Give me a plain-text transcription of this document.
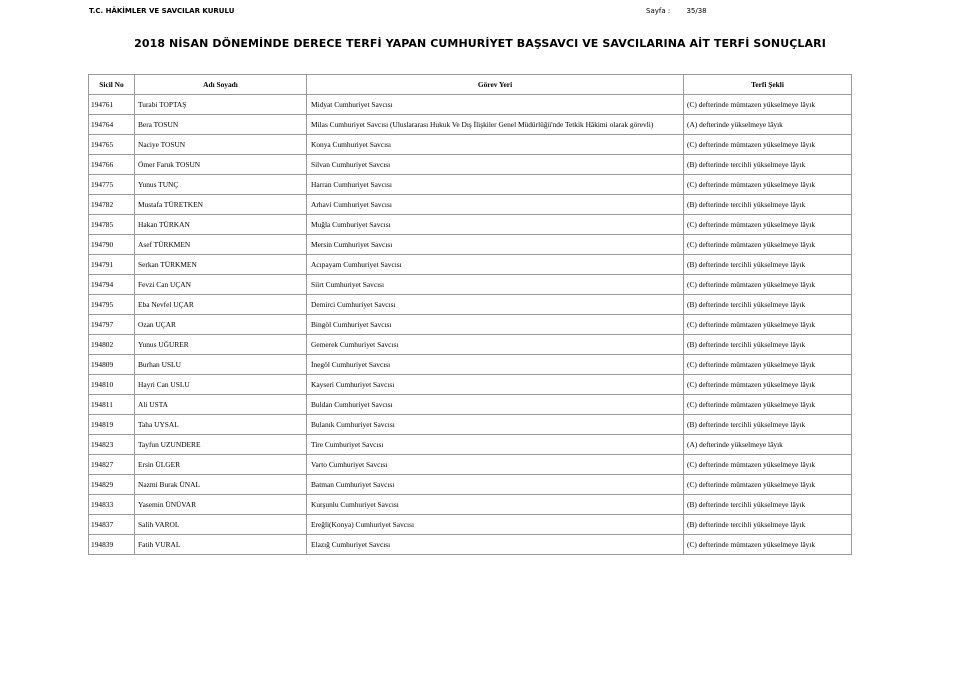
T.C. HÂKİMLER VE SAVCILAR KURULU	Sayfa : 35/38
2018 NİSAN DÖNEMİNDE DERECE TERFİ YAPAN CUMHURİYET BAŞSAVCI VE SAVCILARINA AİT TERFİ SONUÇLARI
Sicil No	Adı Soyadı	Görev Yeri	Terfi Şekli
194761	Turabi TOPTAŞ	Midyat Cumhuriyet Savcısı	(C) defterinde mümtazen yükselmeye lâyık
194764	Bera TOSUN	Milas Cumhuriyet Savcısı (Uluslararası Hukuk Ve Dış İlişkiler Genel Müdürlüğü'nde Tetkik Hâkimi olarak görevli)	(A) defterinde yükselmeye lâyık
194765	Naciye TOSUN	Konya Cumhuriyet Savcısı	(C) defterinde mümtazen yükselmeye lâyık
194766	Ömer Faruk TOSUN	Silvan Cumhuriyet Savcısı	(B) defterinde tercihli yükselmeye lâyık
194775	Yunus TUNÇ	Harran Cumhuriyet Savcısı	(C) defterinde mümtazen yükselmeye lâyık
194782	Mustafa TÜRETKEN	Arhavi Cumhuriyet Savcısı	(B) defterinde tercihli yükselmeye lâyık
194785	Hakan TÜRKAN	Muğla Cumhuriyet Savcısı	(C) defterinde mümtazen yükselmeye lâyık
194790	Asef TÜRKMEN	Mersin Cumhuriyet Savcısı	(C) defterinde mümtazen yükselmeye lâyık
194791	Serkan TÜRKMEN	Acıpayam Cumhuriyet Savcısı	(B) defterinde tercihli yükselmeye lâyık
194794	Fevzi Can UÇAN	Siirt Cumhuriyet Savcısı	(C) defterinde mümtazen yükselmeye lâyık
194795	Eba Nevfel UÇAR	Demirci Cumhuriyet Savcısı	(B) defterinde tercihli yükselmeye lâyık
194797	Ozan UÇAR	Bingöl Cumhuriyet Savcısı	(C) defterinde mümtazen yükselmeye lâyık
194802	Yunus UĞURER	Gemerek Cumhuriyet Savcısı	(B) defterinde tercihli yükselmeye lâyık
194809	Burhan USLU	İnegöl Cumhuriyet Savcısı	(C) defterinde mümtazen yükselmeye lâyık
194810	Hayri Can USLU	Kayseri Cumhuriyet Savcısı	(C) defterinde mümtazen yükselmeye lâyık
194811	Ali USTA	Buldan Cumhuriyet Savcısı	(C) defterinde mümtazen yükselmeye lâyık
194819	Taha UYSAL	Bulanık Cumhuriyet Savcısı	(B) defterinde tercihli yükselmeye lâyık
194823	Tayfun UZUNDERE	Tire Cumhuriyet Savcısı	(A) defterinde yükselmeye lâyık
194827	Ersin ÜLGER	Varto Cumhuriyet Savcısı	(C) defterinde mümtazen yükselmeye lâyık
194829	Nazmi Burak ÜNAL	Batman Cumhuriyet Savcısı	(C) defterinde mümtazen yükselmeye lâyık
194833	Yasemin ÜNÜVAR	Kurşunlu Cumhuriyet Savcısı	(B) defterinde tercihli yükselmeye lâyık
194837	Salih VAROL	Ereğli(Konya) Cumhuriyet Savcısı	(B) defterinde tercihli yükselmeye lâyık
194839	Fatih VURAL	Elazığ Cumhuriyet Savcısı	(C) defterinde mümtazen yükselmeye lâyık
